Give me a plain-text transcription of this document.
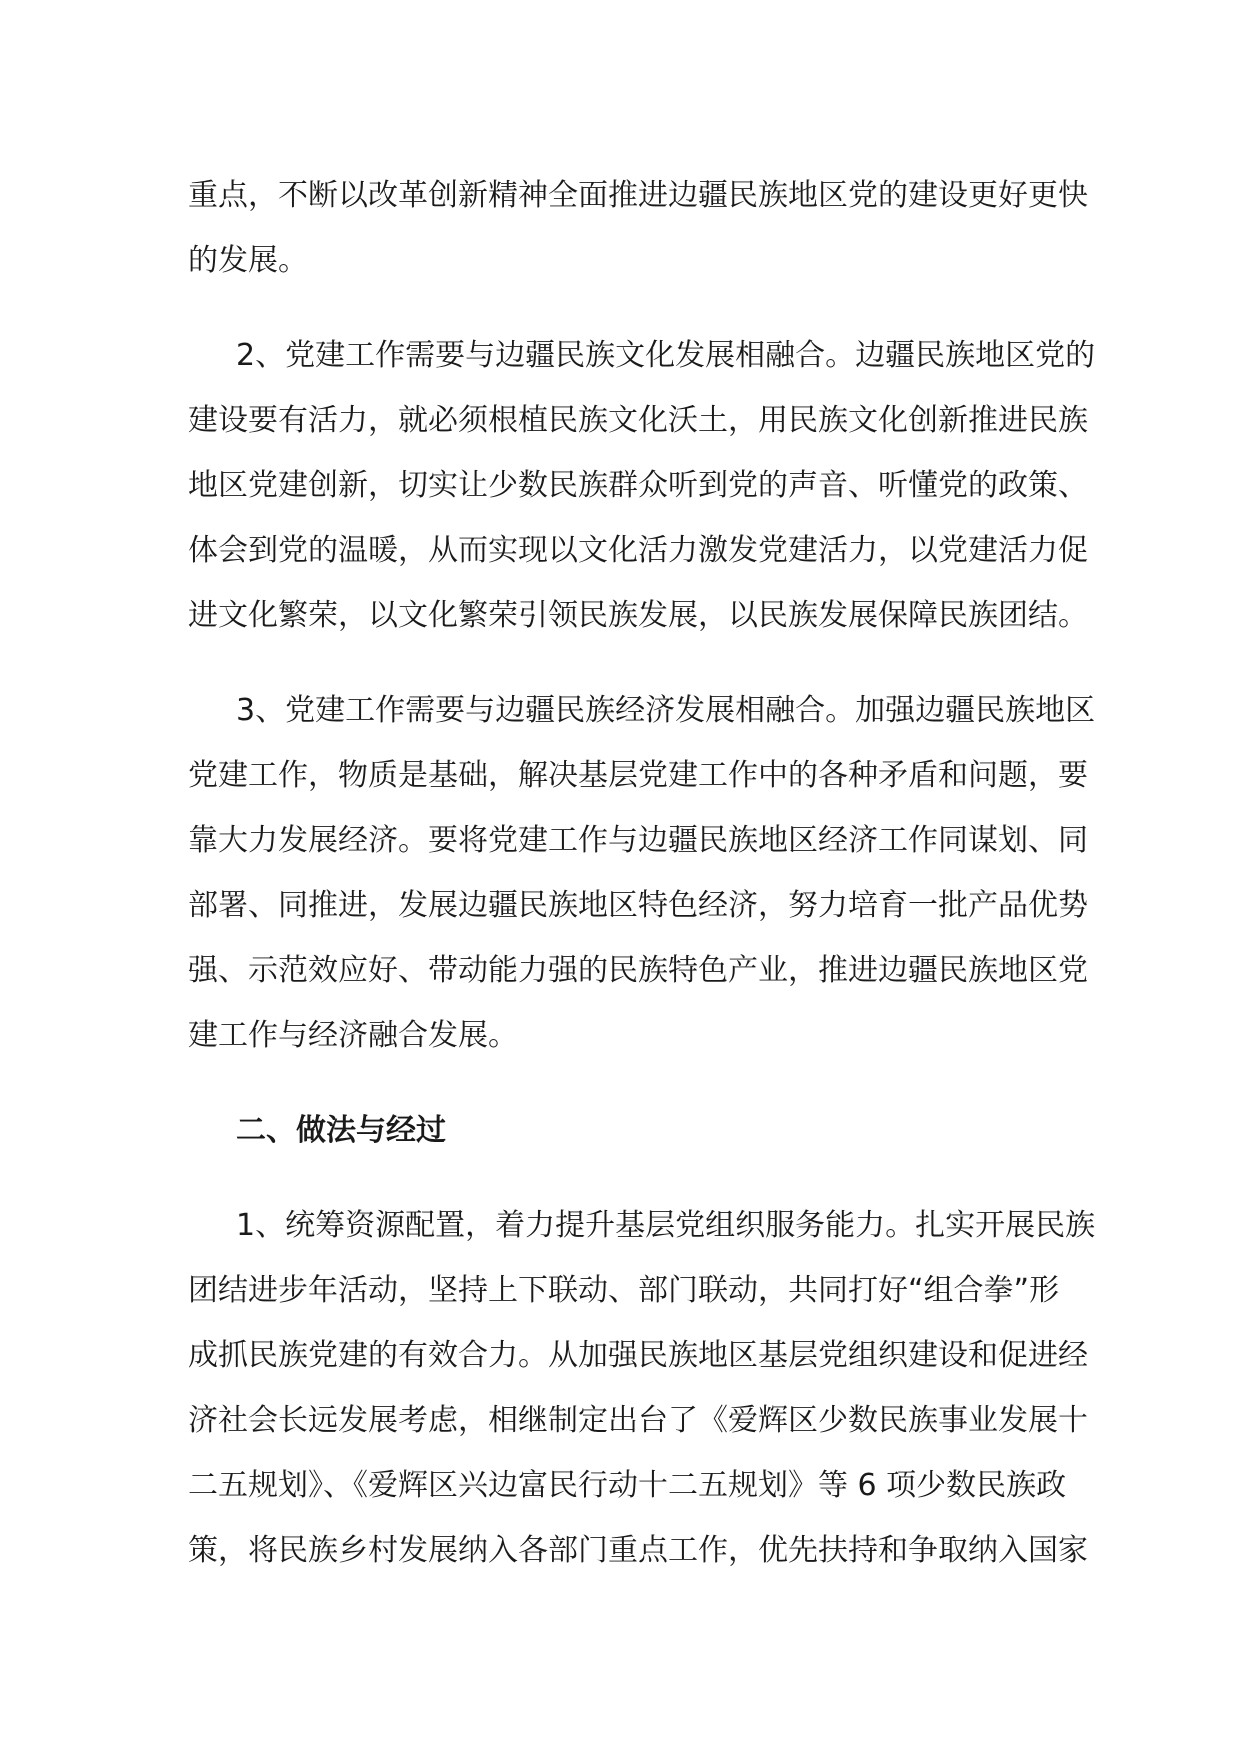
重点，不断以改革创新精神全面推进边疆民族地区党的建设更好更快
的发展。
2、党建工作需要与边疆民族文化发展相融合。边疆民族地区党的
建设要有活力，就必须根植民族文化沃土，用民族文化创新推进民族
地区党建创新，切实让少数民族群众听到党的声音、听懂党的政策、
体会到党的温暖，从而实现以文化活力激发党建活力，以党建活力促
进文化繁荣，以文化繁荣引领民族发展，以民族发展保障民族团结。
3、党建工作需要与边疆民族经济发展相融合。加强边疆民族地区
党建工作，物质是基础，解决基层党建工作中的各种矛盾和问题，要
靠大力发展经济。要将党建工作与边疆民族地区经济工作同谋划、同
部署、同推进，发展边疆民族地区特色经济，努力培育一批产品优势
强、示范效应好、带动能力强的民族特色产业，推进边疆民族地区党
建工作与经济融合发展。
二、做法与经过
1、统筹资源配置，着力提升基层党组织服务能力。扎实开展民族
团结进步年活动，坚持上下联动、部门联动，共同打好“组合拳”形
成抓民族党建的有效合力。从加强民族地区基层党组织建设和促进经
济社会长远发展考虑，相继制定出台了《爱辉区少数民族事业发展十
二五规划》、《爱辉区兴边富民行动十二五规划》等 6 项少数民族政
策，将民族乡村发展纳入各部门重点工作，优先扶持和争取纳入国家
